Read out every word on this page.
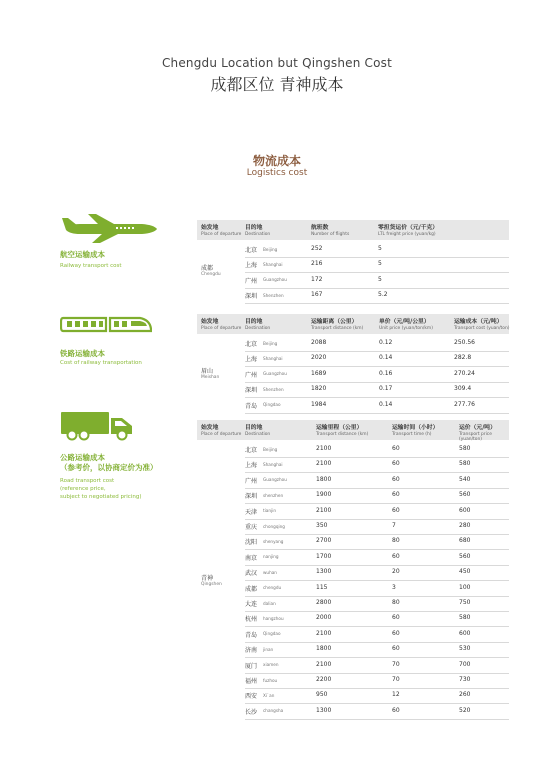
Chengdu Location but Qingshen Cost
成都区位 青神成本
物流成本
Logistics cost
航空运输成本
Railway transport cost
始发地
Place of departure
目的地
Destination
航班数
Number of flights
零担货运价（元/千克）
LTL freight price (yuan/kg)
成都
Chengdu
北京 Beijing	252	5
上海 Shanghai	216	5
广州 Guangzhou	172	5
深圳 Shenzhen	167	5.2
铁路运输成本
Cost of railway transportation
始发地
Place of departure
目的地
Destination
运输距离（公里）
Transport distance (km)
单价（元/吨/公里）
Unit price (yuan/ton/km)
运输成本（元/吨）
Transport cost (yuan/ton)
眉山
Meishan
北京 Beijing	2088	0.12	250.56
上海 Shanghai	2020	0.14	282.8
广州 Guangzhou	1689	0.16	270.24
深圳 Shenzhen	1820	0.17	309.4
青岛 Qingdao	1984	0.14	277.76
公路运输成本
（参考价，以协商定价为准）
Road transport cost
(reference price,
subject to negotiated pricing)
始发地
Place of departure
目的地
Destination
运输里程（公里）
Transport distance (km)
运输时间（小时）
Transport time (h)
运价（元/吨）
Transport price (yuan/ton)
青神
Qingshen
北京 Beijing	2100	60	580
上海 Shanghai	2100	60	580
广州 Guangzhou	1800	60	540
深圳 shenzhen	1900	60	560
天津 tianjin	2100	60	600
重庆 chongqing	350	7	280
沈阳 shenyang	2700	80	680
南京 nanjing	1700	60	560
武汉 wuhan	1300	20	450
成都 chengdu	115	3	100
大连 dalian	2800	80	750
杭州 hangzhou	2000	60	580
青岛 Qingdao	2100	60	600
济南 jinan	1800	60	530
厦门 xiamen	2100	70	700
福州 fuzhou	2200	70	730
西安 Xi`an	950	12	260
长沙 changsha	1300	60	520
